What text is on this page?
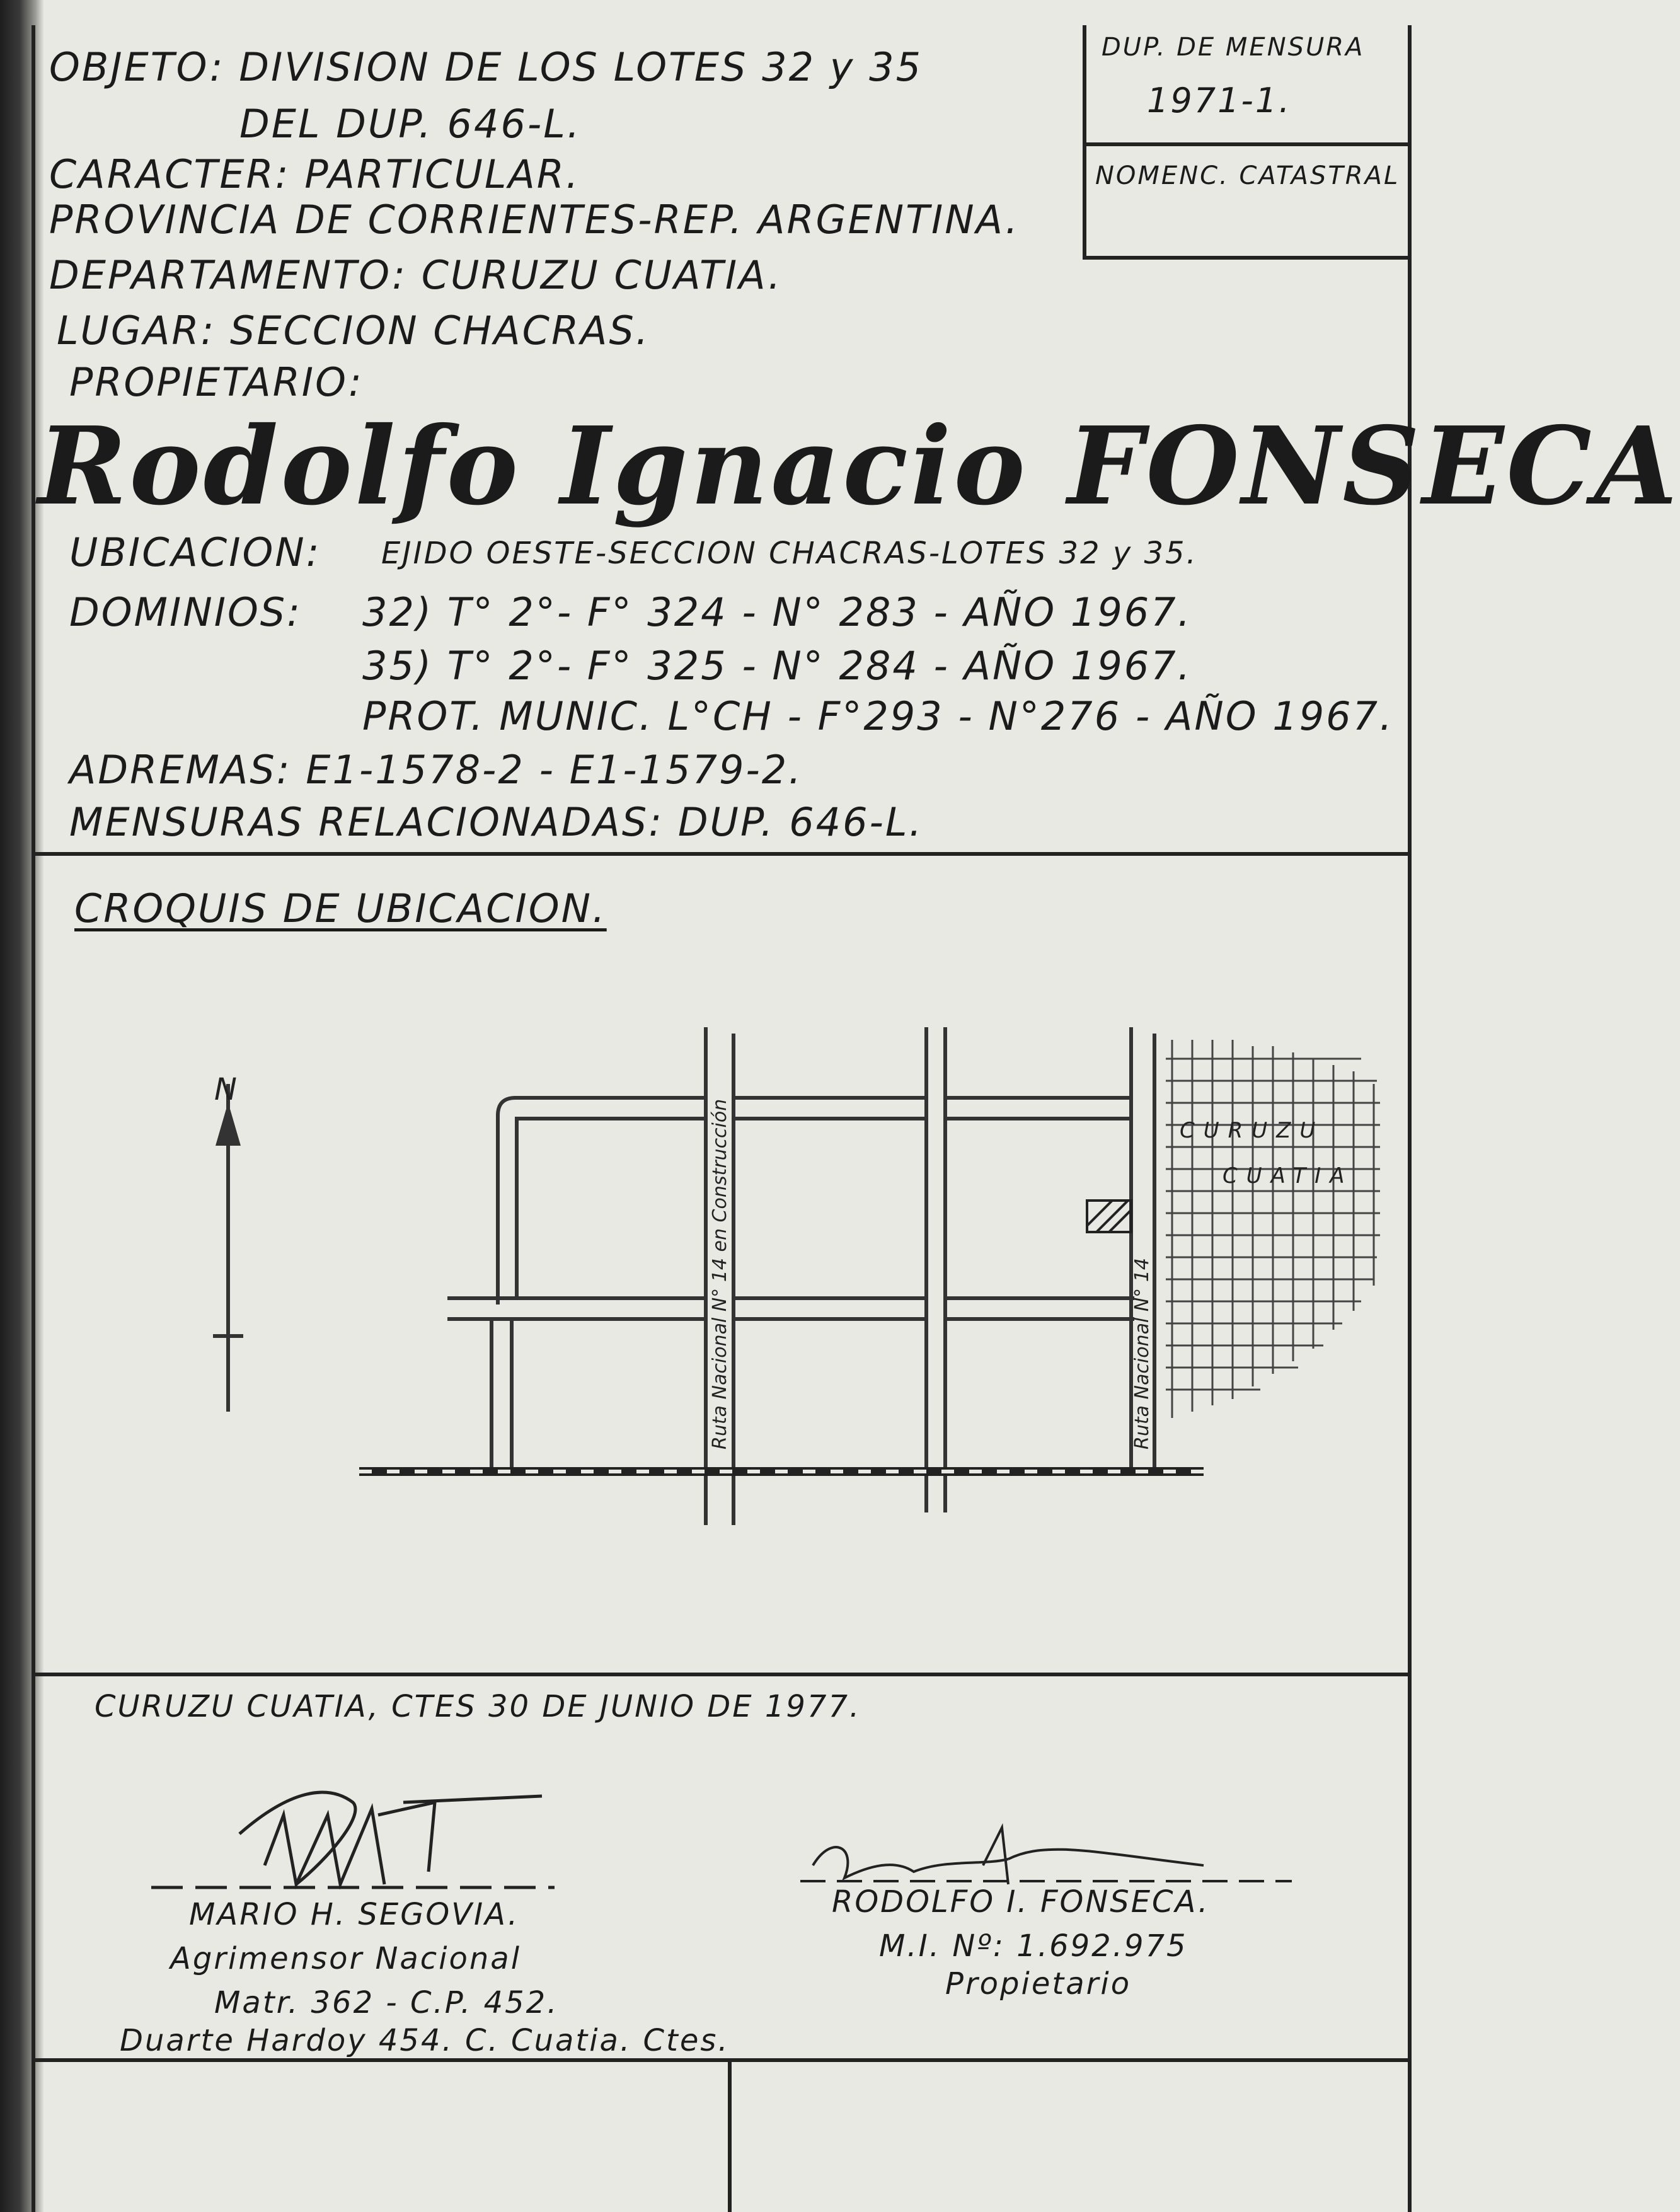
DUP. DE MENSURA
1971-1.
NOMENC. CATASTRAL
OBJETO: DIVISION DE LOS LOTES 32 y 35
DEL DUP. 646-L.
CARACTER: PARTICULAR.
PROVINCIA DE CORRIENTES-REP. ARGENTINA.
DEPARTAMENTO: CURUZU CUATIA.
LUGAR: SECCION CHACRAS.
PROPIETARIO:
Rodolfo Ignacio FONSECA
UBICACION: EJIDO OESTE-SECCION CHACRAS-LOTES 32 y 35.
DOMINIOS: 32) T° 2°- F° 324 - N° 283 - AÑO 1967.
35) T° 2°- F° 325 - N° 284 - AÑO 1967.
PROT. MUNIC. L°CH - F°293 - N°276 - AÑO 1967.
ADREMAS: E1-1578-2 - E1-1579-2.
MENSURAS RELACIONADAS: DUP. 646-L.
CROQUIS DE UBICACION.
N
Ruta Nacional N° 14 en Construcción	Ruta Nacional N° 14
CURUZU
CUATIA
CURUZU CUATIA, CTES 30 DE JUNIO DE 1977.
MARIO H. SEGOVIA.
Agrimensor Nacional
Matr. 362 - C.P. 452.
Duarte Hardoy 454. C. Cuatia. Ctes.
RODOLFO I. FONSECA.
M.I. Nº: 1.692.975
Propietario
